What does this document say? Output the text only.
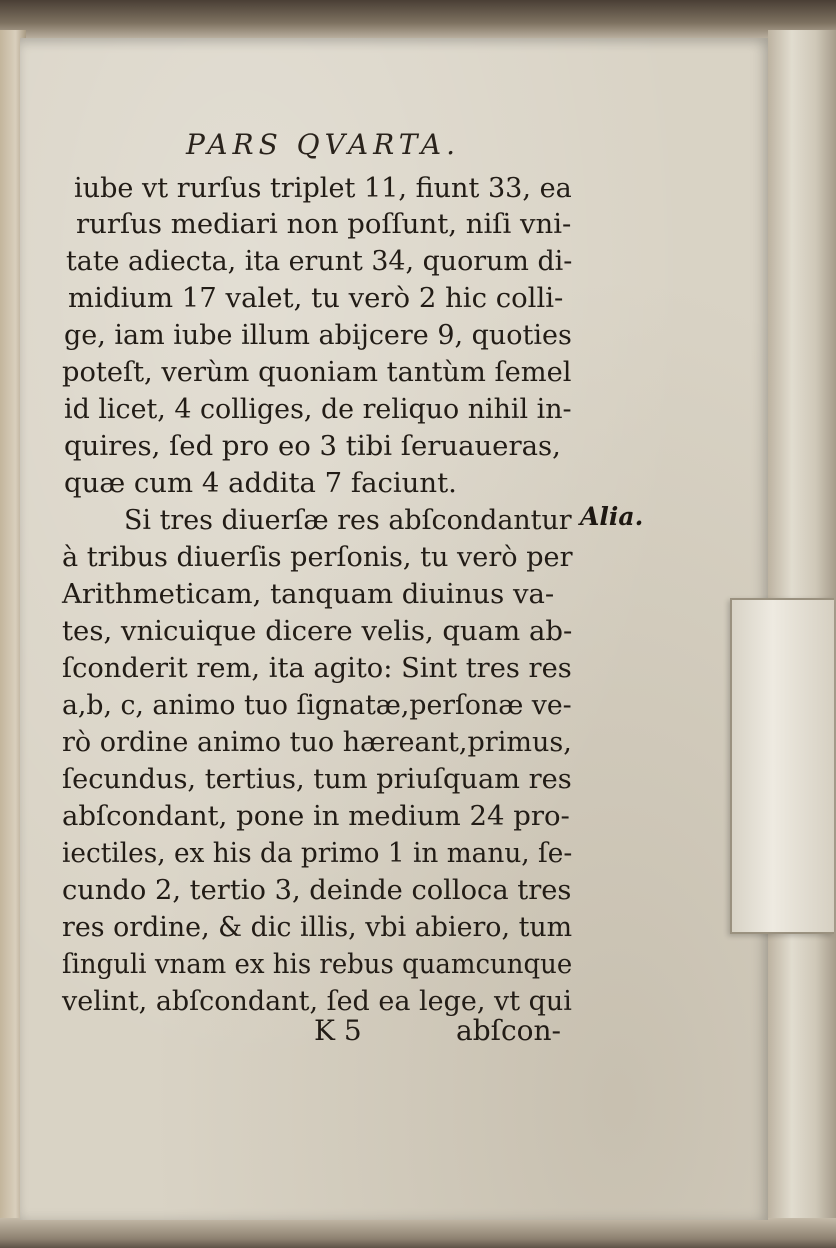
PARS QVARTA.
iube vt rurſus triplet 11, fiunt 33, ea
rurſus mediari non poſſunt, niſi vni-
tate adiecta, ita erunt 34, quorum di-
midium 17 valet, tu verò 2 hic colli-
ge, iam iube illum abijcere 9, quoties
poteſt, verùm quoniam tantùm ſemel
id licet, 4 colliges, de reliquo nihil in-
quires, ſed pro eo 3 tibi ſeruaueras,
quæ cum 4 addita 7 faciunt.
Si tres diuerſæ res abſcondantur
à tribus diuerſis perſonis, tu verò per
Arithmeticam, tanquam diuinus va-
tes, vnicuique dicere velis, quam ab-
ſconderit rem, ita agito: Sint tres res
a,b, c, animo tuo ſignatæ,perſonæ ve-
rò ordine animo tuo hæreant,primus,
ſecundus, tertius, tum priuſquam res
abſcondant, pone in medium 24 pro-
iectiles, ex his da primo 1 in manu, ſe-
cundo 2, tertio 3, deinde colloca tres
res ordine, & dic illis, vbi abiero, tum
ſinguli vnam ex his rebus quamcunque
velint, abſcondant, ſed ea lege, vt qui
Alia.
K 5	abſcon-
